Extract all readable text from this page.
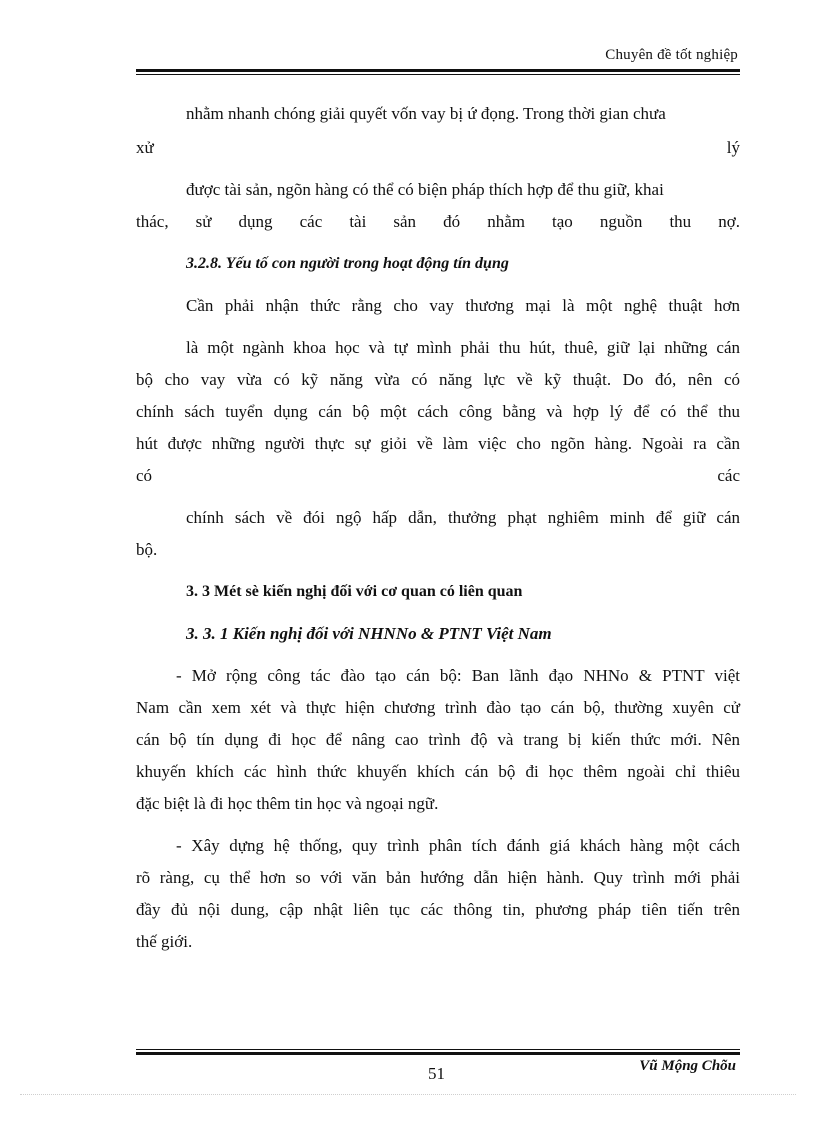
Chuyên đề tốt nghiệp
nhằm nhanh chóng giải quyết vốn vay bị ứ đọng. Trong thời gian chưa
xử lý
được tài sản, ngõn hàng có thể có biện pháp thích hợp để thu giữ, khai
thác, sử dụng các tài sản đó nhằm tạo nguồn thu nợ.
3.2.8. Yếu tố con người trong hoạt động tín dụng
Cần phải nhận thức rằng cho vay thương mại là một nghệ thuật hơn
là một ngành khoa học và tự mình phải thu hút, thuê, giữ lại những cán
bộ cho vay vừa có kỹ năng vừa có năng lực về kỹ thuật. Do đó, nên có
chính sách tuyển dụng cán bộ một cách công bằng và hợp lý để có thể thu
hút được những người thực sự giỏi về làm việc cho ngõn hàng. Ngoài ra cần
có các
chính sách về đói ngộ hấp dẫn, thưởng phạt nghiêm minh để giữ cán
bộ.
3. 3 Mét sè kiến nghị đối với cơ quan có liên quan
3. 3. 1 Kiến nghị đối với NHNNo & PTNT Việt Nam
- Mở rộng công tác đào tạo cán bộ: Ban lãnh đạo NHNo & PTNT việt
Nam cần xem xét và thực hiện chương trình đào tạo cán bộ, thường xuyên cử
cán bộ tín dụng đi học để nâng cao trình độ và trang bị kiến thức mới. Nên
khuyến khích các hình thức khuyến khích cán bộ đi học thêm ngoài chỉ thiêu
đặc biệt là đi học thêm tin học và ngoại ngữ.
- Xây dựng hệ thống, quy trình phân tích đánh giá khách hàng một cách
rõ ràng, cụ thể hơn so với văn bản hướng dẫn hiện hành. Quy trình mới phải
đầy đủ nội dung, cập nhật liên tục các thông tin, phương pháp tiên tiến trên
thế giới.
51	Vũ Mộng Chõu
